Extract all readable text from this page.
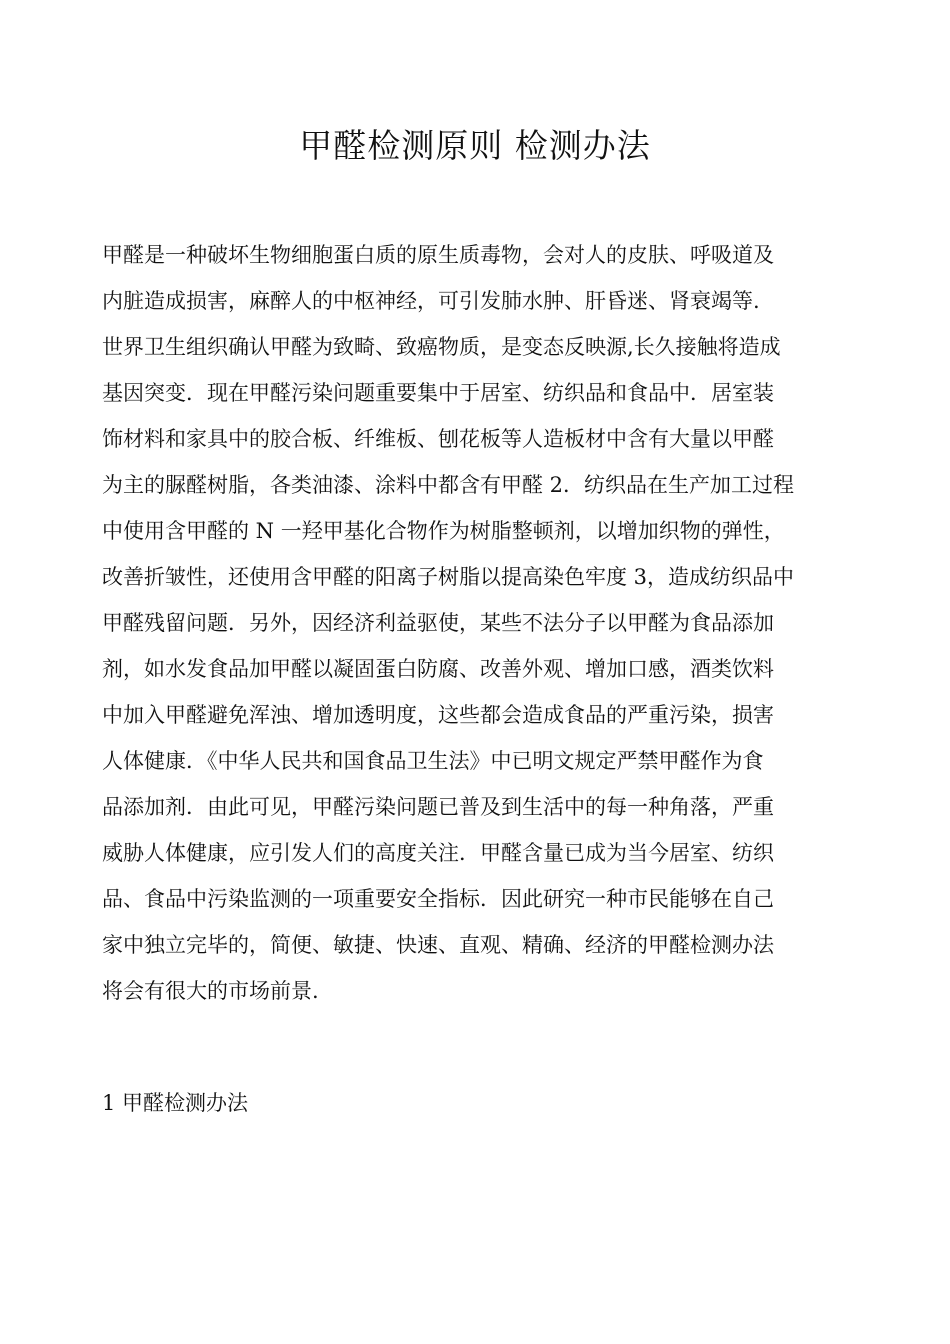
甲醛检测原则 检测办法
甲醛是一种破坏生物细胞蛋白质的原生质毒物，会对人的皮肤、呼吸道及
内脏造成损害，麻醉人的中枢神经，可引发肺水肿、肝昏迷、肾衰竭等.
世界卫生组织确认甲醛为致畸、致癌物质，是变态反映源,长久接触将造成
基因突变．现在甲醛污染问题重要集中于居室、纺织品和食品中．居室装
饰材料和家具中的胶合板、纤维板、刨花板等人造板材中含有大量以甲醛
为主的脲醛树脂，各类油漆、涂料中都含有甲醛 2．纺织品在生产加工过程
中使用含甲醛的 N 一羟甲基化合物作为树脂整顿剂，以增加织物的弹性，
改善折皱性，还使用含甲醛的阳离子树脂以提高染色牢度 3，造成纺织品中
甲醛残留问题．另外，因经济利益驱使，某些不法分子以甲醛为食品添加
剂，如水发食品加甲醛以凝固蛋白防腐、改善外观、增加口感，酒类饮料
中加入甲醛避免浑浊、增加透明度，这些都会造成食品的严重污染，损害
人体健康．《中华人民共和国食品卫生法》中已明文规定严禁甲醛作为食
品添加剂．由此可见，甲醛污染问题已普及到生活中的每一种角落，严重
威胁人体健康，应引发人们的高度关注．甲醛含量已成为当今居室、纺织
品、食品中污染监测的一项重要安全指标．因此研究一种市民能够在自己
家中独立完毕的，简便、敏捷、快速、直观、精确、经济的甲醛检测办法
将会有很大的市场前景.
1 甲醛检测办法
